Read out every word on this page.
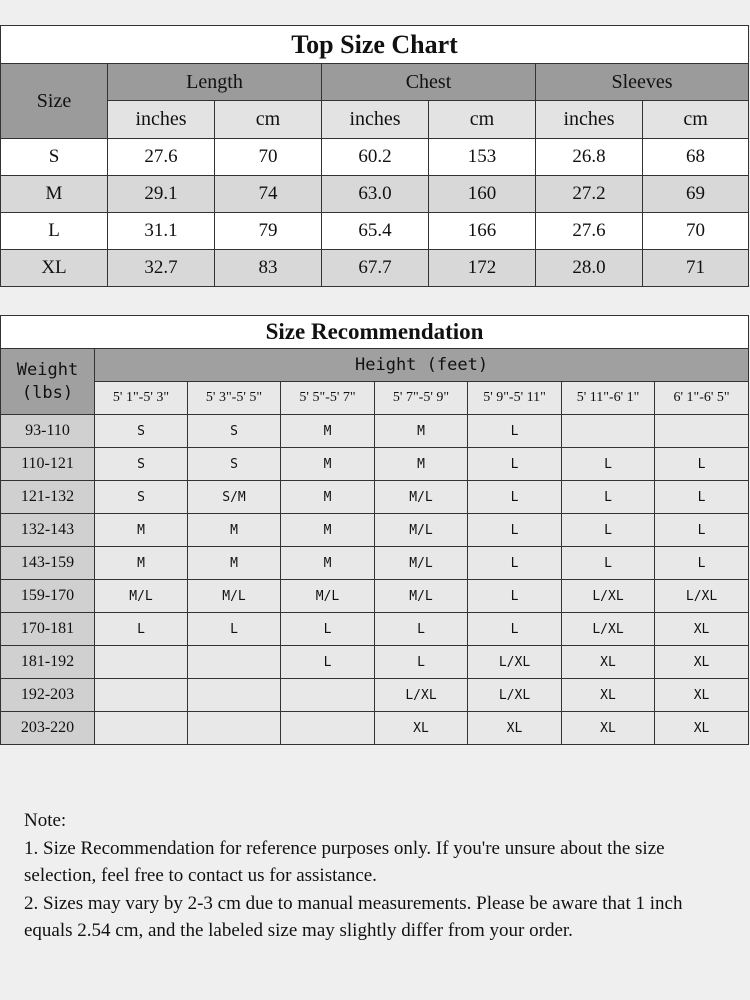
Top Size Chart						
Size	Length		Chest		Sleeves	
	inches	cm	inches	cm	inches	cm
S	27.6	70	60.2	153	26.8	68
M	29.1	74	63.0	160	27.2	69
L	31.1	79	65.4	166	27.6	70
XL	32.7	83	67.7	172	28.0	71
Size Recommendation							
Weight
(lbs)	Height (feet)						
	5' 1"-5' 3"	5' 3"-5' 5"	5' 5"-5' 7"	5' 7"-5' 9"	5' 9"-5' 11"	5' 11"-6' 1"	6' 1"-6' 5"
93-110	S	S	M	M	L		
110-121	S	S	M	M	L	L	L
121-132	S	S/M	M	M/L	L	L	L
132-143	M	M	M	M/L	L	L	L
143-159	M	M	M	M/L	L	L	L
159-170	M/L	M/L	M/L	M/L	L	L/XL	L/XL
170-181	L	L	L	L	L	L/XL	XL
181-192			L	L	L/XL	XL	XL
192-203				L/XL	L/XL	XL	XL
203-220				XL	XL	XL	XL

Note:

1. Size Recommendation for reference purposes only. If you're unsure about the size selection, feel free to contact us for assistance.

2. Sizes may vary by 2-3 cm due to manual measurements. Please be aware that 1 inch equals 2.54 cm, and the labeled size may slightly differ from your order.
